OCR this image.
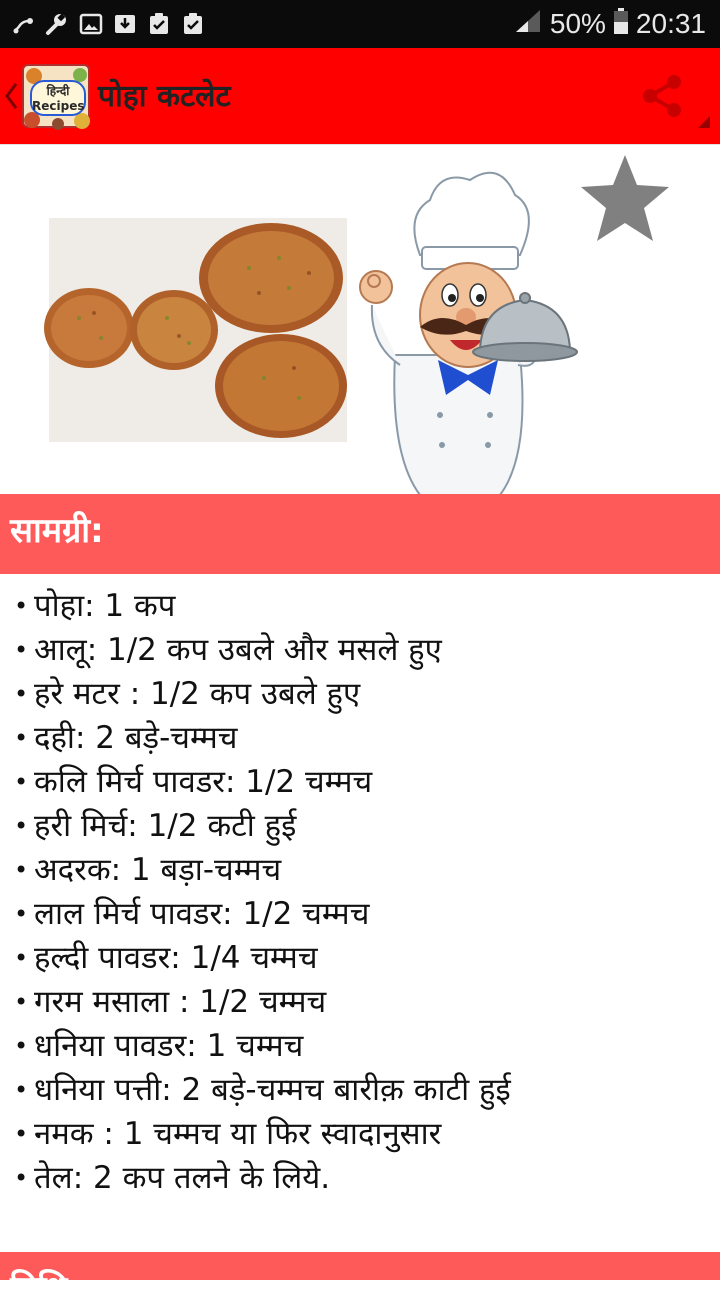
50% 20:31
हिन्दी Recipes पोहा कटलेट
सामग्री:
• पोहा: 1 कप
• आलू: 1/2 कप उबले और मसले हुए
• हरे मटर : 1/2 कप उबले हुए
• दही: 2 बड़े-चम्मच
• कलि मिर्च पावडर: 1/2 चम्मच
• हरी मिर्च: 1/2 कटी हुई
• अदरक: 1 बड़ा-चम्मच
• लाल मिर्च पावडर: 1/2 चम्मच
• हल्दी पावडर: 1/4 चम्मच
• गरम मसाला : 1/2 चम्मच
• धनिया पावडर: 1 चम्मच
• धनिया पत्ती: 2 बड़े-चम्मच बारीक़ काटी हुई
• नमक : 1 चम्मच या फिर स्वादानुसार
• तेल: 2 कप तलने के लिये.
विधि:
